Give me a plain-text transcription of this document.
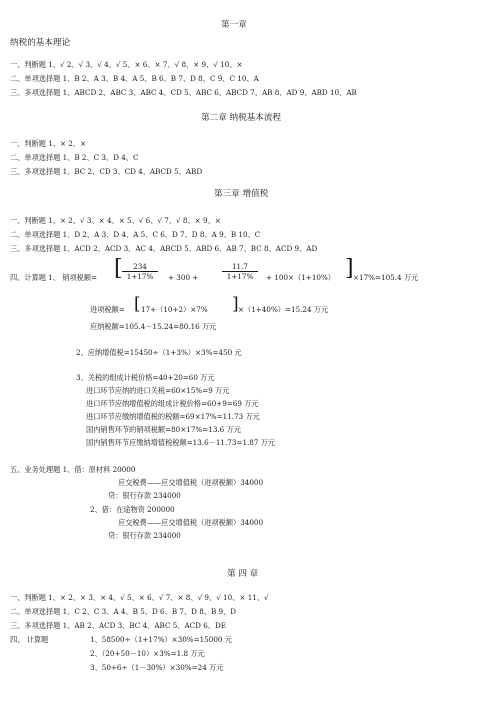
第一章
纳税的基本理论
一、判断题 1、√ 2、√ 3、√ 4、√ 5、× 6、× 7、√ 8、× 9、√ 10、×
二、单项选择题 1、B 2、A 3、B 4、A 5、B 6、B 7、D 8、C 9、C 10、A
三、多项选择题 1、ABCD 2、ABC 3、ABC 4、CD 5、ABC 6、ABCD 7、AB 8、AD 9、ABD 10、AB
第二章 纳税基本流程
一、判断题 1、× 2、×
二、单项选择题 1、B 2、C 3、D 4、C
三、多项选择题 1、BC 2、CD 3、CD 4、ABCD 5、ABD
第三章 增值税
一、判断题 1、× 2、√ 3、× 4、× 5、√ 6、√ 7、√ 8、× 9、×
二、单项选择题 1、D 2、A 3、D 4、A 5、C 6、D 7、D 8、A 9、B 10、C
三、多项选择题 1、ACD 2、ACD 3、AC 4、ABCD 5、ABD 6、AB 7、BC 8、ACD 9、AD
四、计算题 1、 销项税额= [ $\frac{234}{1+17\%} + 300$ +	$\frac{11.7}{1+17\%} + 100\times(1+10\%)$ ] ×17%=105.4 万元
进项税额= [ 17+（10+2）×7% ] ×（1+40%）=15.24 万元
应纳税额=105.4－15.24=80.16 万元
2、应纳增值税=15450÷（1+3%）×3%=450 元
3、关税的组成计税价格=40+20=60 万元
进口环节应纳的进口关税=60×15%=9 万元
进口环节应纳增值税的组成计税价格=60+9=69 万元
进口环节应缴纳增值税的税额=69×17%=11.73 万元
国内销售环节的销项税额=80×17%=13.6 万元
国内销售环节应缴纳增值税税额=13.6－11.73=1.87 万元
五、业务处理题 1、借：原材料 20000
应交税费——应交增值税（进项税额）34000
贷：银行存款 234000
2、借：在途物资 200000
应交税费——应交增值税（进项税额）34000
贷：银行存款 234000
第 四 章
一、判断题 1、× 2、× 3、× 4、√ 5、× 6、√ 7、× 8、√ 9、√ 10、× 11、√
二、单项选择题 1、C 2、C 3、A 4、B 5、D 6、B 7、D 8、B 9、D
三、多项选择题 1、AB 2、ACD 3、BC 4、ABC 5、ACD 6、DE
四、 计算题	1、58500÷（1+17%）×30%=15000 元
2、（20+50－10）×3%=1.8 万元
3、50+6÷（1－30%）×30%=24 万元
